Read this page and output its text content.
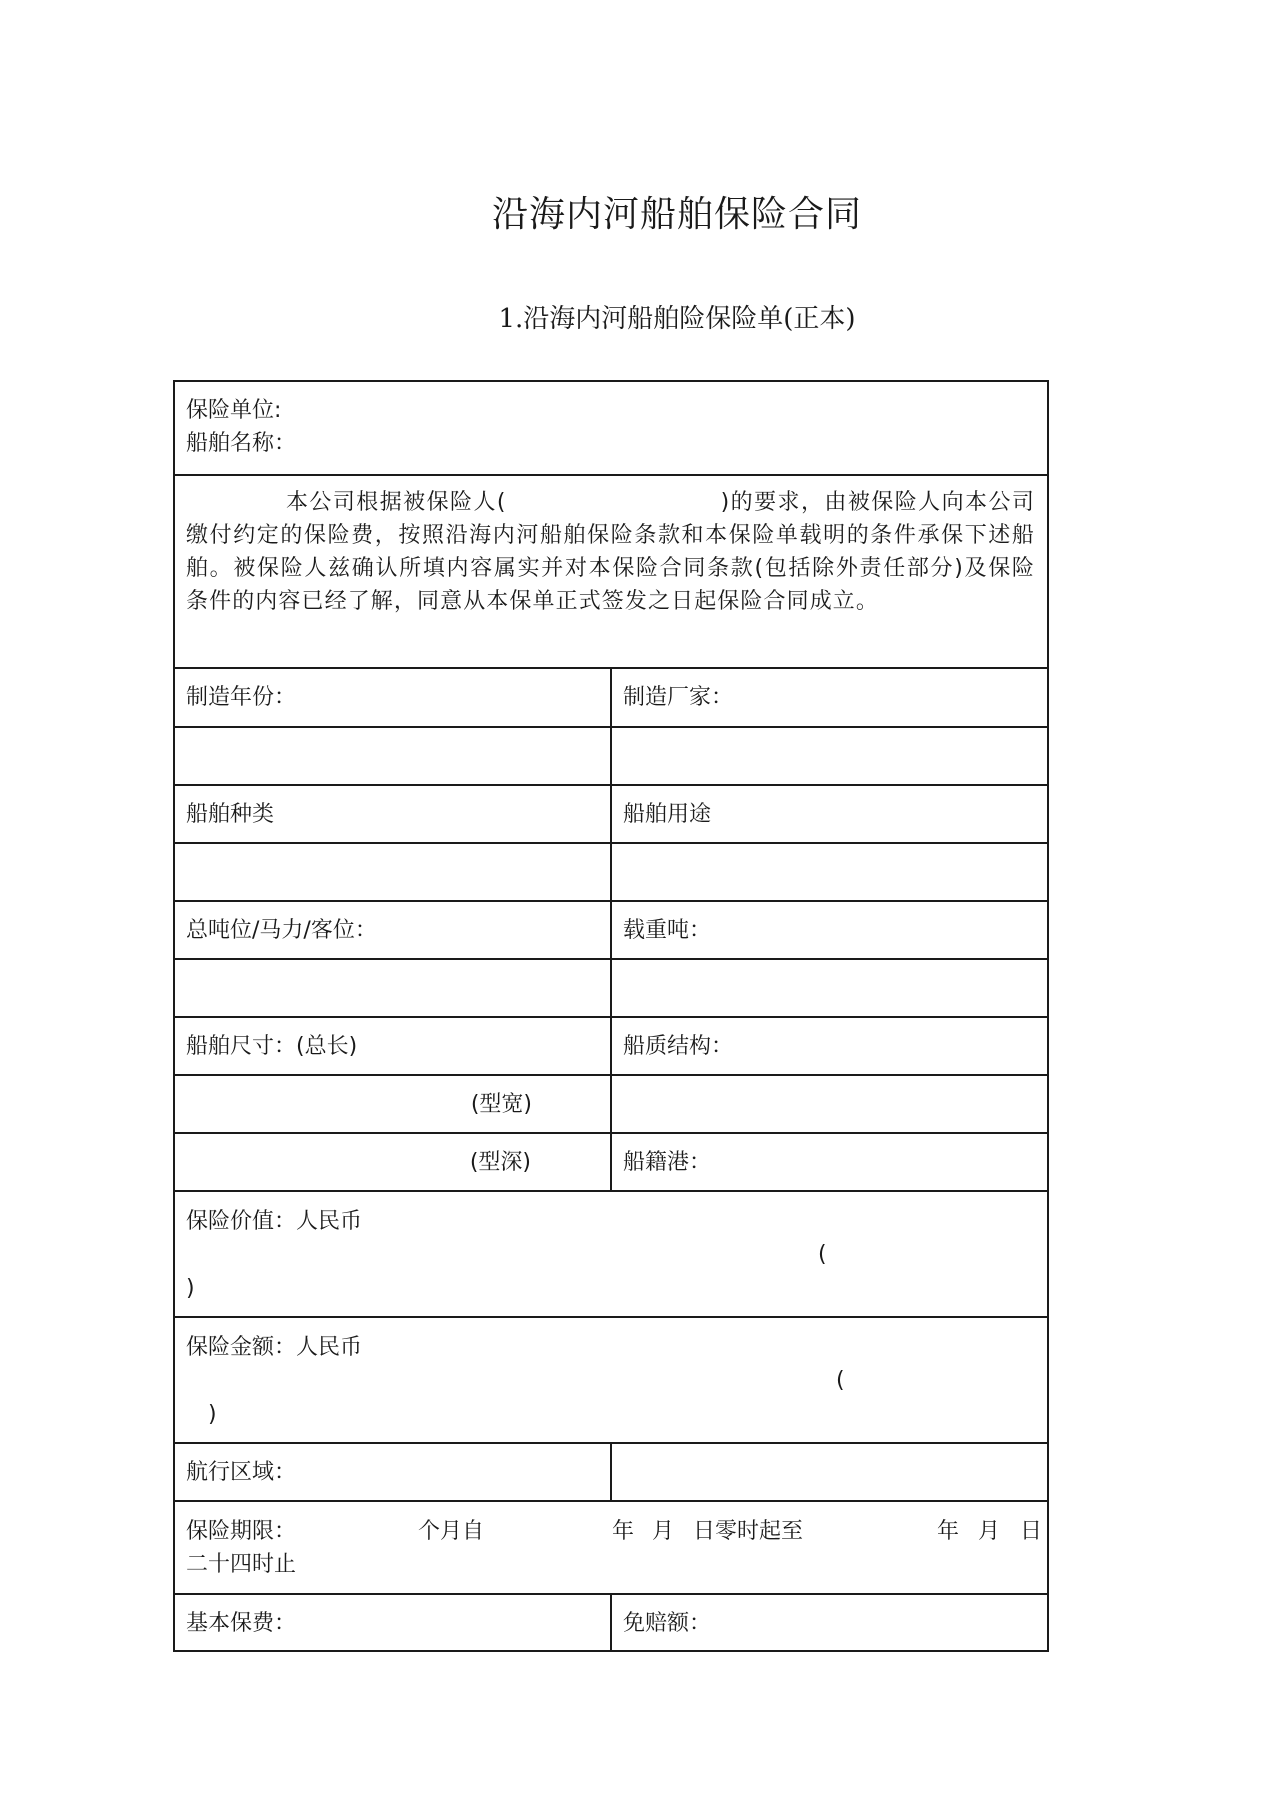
沿海内河船舶保险合同
1.沿海内河船舶险保险单(正本)
保险单位:
船舶名称：
本公司根据被保险人(	)的要求，由被保险人向本公司缴付约定的保险费，按照沿海内河船舶保险条款和本保险单载明的条件承保下述船舶。被保险人兹确认所填内容属实并对本保险合同条款(包括除外责任部分)及保险条件的内容已经了解，同意从本保单正式签发之日起保险合同成立。
制造年份：	制造厂家：
船舶种类	船舶用途
总吨位/马力/客位：	载重吨：
船舶尺寸：(总长)	船质结构：
(型宽)
(型深)	船籍港：
保险价值：人民币
(
)
保险金额：人民币
(
)
航行区域：
保险期限：	个月自	年 月 日零时起至	年 月 日
二十四时止
基本保费：	免赔额：
